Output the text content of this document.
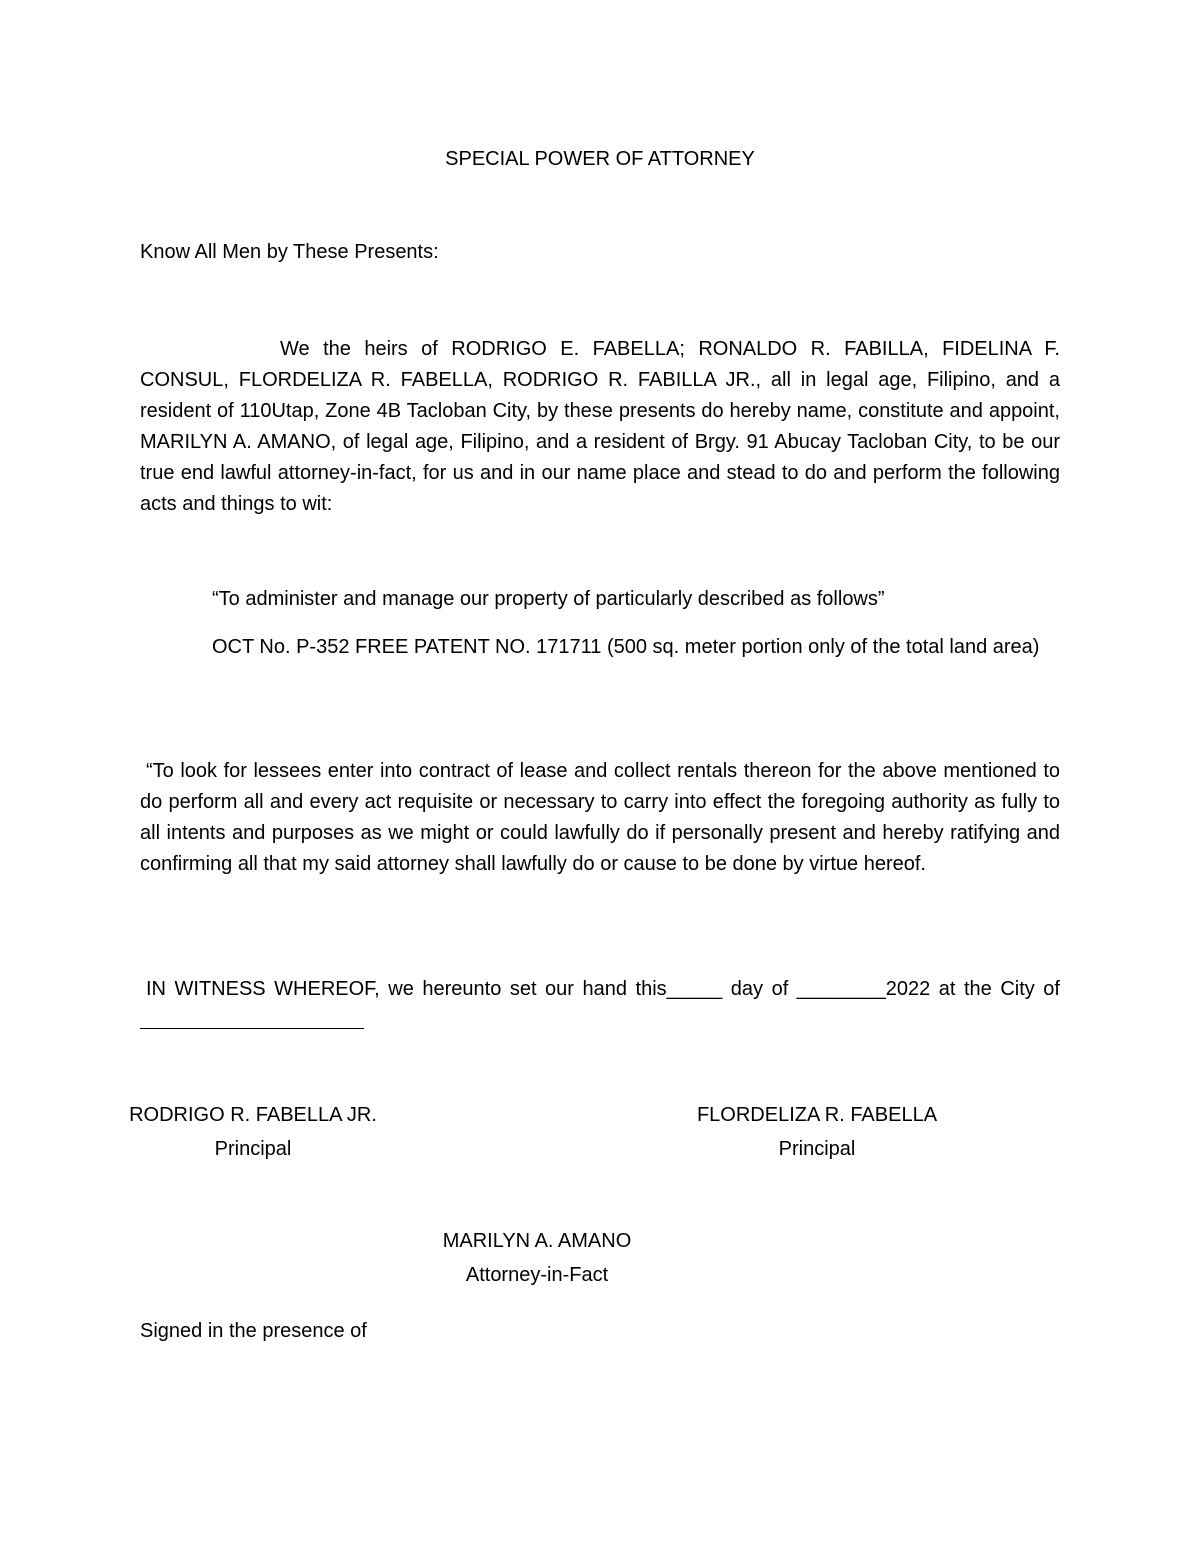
SPECIAL POWER OF ATTORNEY
Know All Men by These Presents:

We the heirs of RODRIGO E. FABELLA; RONALDO R. FABILLA, FIDELINA F. CONSUL, FLORDELIZA R. FABELLA, RODRIGO R. FABILLA JR., all in legal age, Filipino, and a resident of 110Utap, Zone 4B Tacloban City, by these presents do hereby name, constitute and appoint, MARILYN A. AMANO, of legal age, Filipino, and a resident of Brgy. 91 Abucay Tacloban City, to be our true end lawful attorney-in-fact, for us and in our name place and stead to do and perform the following acts and things to wit:

“To administer and manage our property of particularly described as follows”

OCT No. P-352 FREE PATENT NO. 171711 (500 sq. meter portion only of the total land area)

“To look for lessees enter into contract of lease and collect rentals thereon for the above mentioned to do perform all and every act requisite or necessary to carry into effect the foregoing authority as fully to all intents and purposes as we might or could lawfully do if personally present and hereby ratifying and confirming all that my said attorney shall lawfully do or cause to be done by virtue hereof.

IN WITNESS WHEREOF, we hereunto set our hand this_____ day of ________2022 at the City of

RODRIGO R. FABELLA JR.
Principal
FLORDELIZA R. FABELLA
Principal
MARILYN A. AMANO
Attorney-in-Fact
Signed in the presence of
